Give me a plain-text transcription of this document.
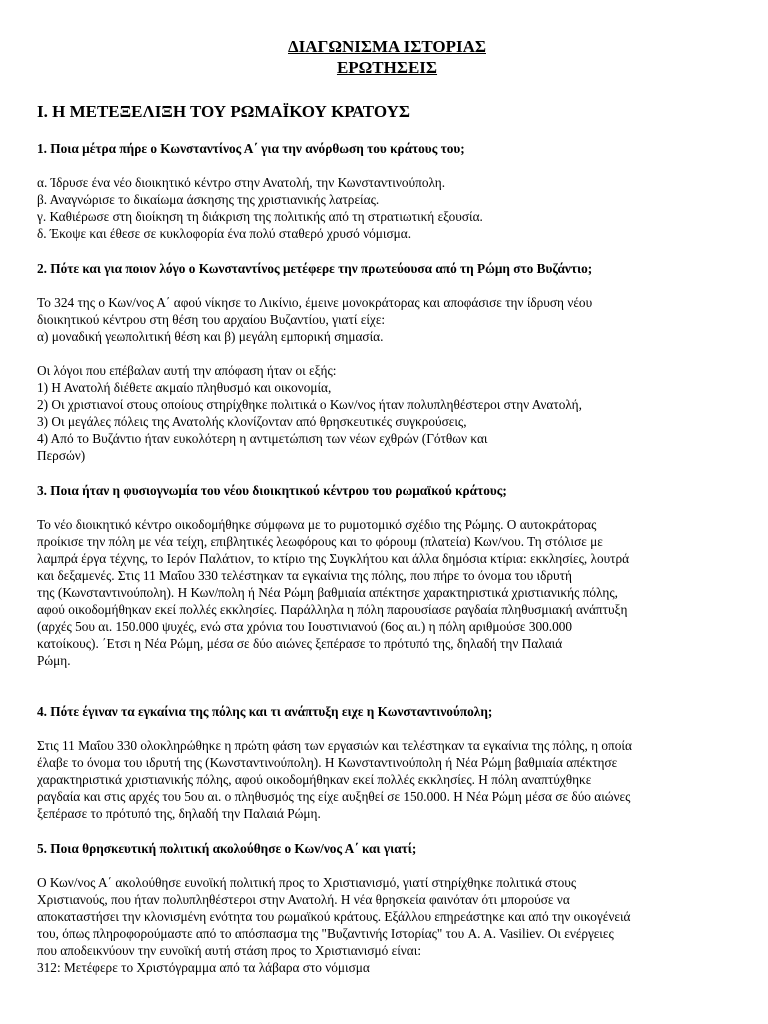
ΔΙΑΓΩΝΙΣΜΑ ΙΣΤΟΡΙΑΣ

ΕΡΩΤΗΣΕΙΣ

Ι. Η ΜΕΤΕΞΕΛΙΞΗ ΤΟΥ ΡΩΜΑΪΚΟΥ ΚΡΑΤΟΥΣ

1. Ποια μέτρα πήρε ο Κωνσταντίνος Α΄ για την ανόρθωση του κράτους του;

α. Ίδρυσε ένα νέο διοικητικό κέντρο στην Ανατολή, την Κωνσταντινούπολη.
β. Αναγνώρισε το δικαίωμα άσκησης της χριστιανικής λατρείας.
γ. Καθιέρωσε στη διοίκηση τη διάκριση της πολιτικής από τη στρατιωτική εξουσία.
δ. Έκοψε και έθεσε σε κυκλοφορία ένα πολύ σταθερό χρυσό νόμισμα.

2. Πότε και για ποιον λόγο ο Κωνσταντίνος μετέφερε την πρωτεύουσα από τη Ρώμη στο Βυζάντιο;

Το 324 της ο Κων/νος Α΄ αφού νίκησε το Λικίνιο, έμεινε μονοκράτορας και αποφάσισε την ίδρυση νέου
διοικητικού κέντρου στη θέση του αρχαίου Βυζαντίου, γιατί είχε:
α) μοναδική γεωπολιτική θέση και β) μεγάλη εμπορική σημασία.
Οι λόγοι που επέβαλαν αυτή την απόφαση ήταν οι εξής:
1) Η Ανατολή διέθετε ακμαίο πληθυσμό και οικονομία,
2) Οι χριστιανοί στους οποίους στηρίχθηκε πολιτικά ο Κων/νος ήταν πολυπληθέστεροι στην Ανατολή,
3) Οι μεγάλες πόλεις της Ανατολής κλονίζονταν από θρησκευτικές συγκρούσεις,
4) Από το Βυζάντιο ήταν ευκολότερη η αντιμετώπιση των νέων εχθρών (Γότθων και
Περσών)

3. Ποια ήταν η φυσιογνωμία του νέου διοικητικού κέντρου του ρωμαϊκού κράτους;

Το νέο διοικητικό κέντρο οικοδομήθηκε σύμφωνα με το ρυμοτομικό σχέδιο της Ρώμης. Ο αυτοκράτορας
προίκισε την πόλη με νέα τείχη, επιβλητικές λεωφόρους και το φόρουμ (πλατεία) Κων/νου. Τη στόλισε με
λαμπρά έργα τέχνης, το Ιερόν Παλάτιον, το κτίριο της Συγκλήτου και άλλα δημόσια κτίρια: εκκλησίες, λουτρά
και δεξαμενές. Στις 11 Μαΐου 330 τελέστηκαν τα εγκαίνια της πόλης, που πήρε το όνομα του ιδρυτή
της (Κωνσταντινούπολη). Η Κων/πολη ή Νέα Ρώμη βαθμιαία απέκτησε χαρακτηριστικά χριστιανικής πόλης,
αφού οικοδομήθηκαν εκεί πολλές εκκλησίες. Παράλληλα η πόλη παρουσίασε ραγδαία πληθυσμιακή ανάπτυξη
(αρχές 5ου αι. 150.000 ψυχές, ενώ στα χρόνια του Ιουστινιανού (6ος αι.) η πόλη αριθμούσε 300.000
κατοίκους). ΄Ετσι η Νέα Ρώμη, μέσα σε δύο αιώνες ξεπέρασε το πρότυπό της, δηλαδή την Παλαιά
Ρώμη.

4. Πότε έγιναν τα εγκαίνια της πόλης και τι ανάπτυξη ειχε η Κωνσταντινούπολη;

Στις 11 Μαΐου 330 ολοκληρώθηκε η πρώτη φάση των εργασιών και τελέστηκαν τα εγκαίνια της πόλης, η οποία
έλαβε το όνομα του ιδρυτή της (Κωνσταντινούπολη). Η Κωνσταντινούπολη ή Νέα Ρώμη βαθμιαία απέκτησε
χαρακτηριστικά χριστιανικής πόλης, αφού οικοδομήθηκαν εκεί πολλές εκκλησίες. Η πόλη αναπτύχθηκε
ραγδαία και στις αρχές του 5ου αι. ο πληθυσμός της είχε αυξηθεί σε 150.000. Η Νέα Ρώμη μέσα σε δύο αιώνες
ξεπέρασε το πρότυπό της, δηλαδή την Παλαιά Ρώμη.

5. Ποια θρησκευτική πολιτική ακολούθησε ο Κων/νος Α΄ και γιατί;

Ο Κων/νος Α΄ ακολούθησε ευνοϊκή πολιτική προς το Χριστιανισμό, γιατί στηρίχθηκε πολιτικά στους
Χριστιανούς, που ήταν πολυπληθέστεροι στην Ανατολή. Η νέα θρησκεία φαινόταν ότι μπορούσε να
αποκαταστήσει την κλονισμένη ενότητα του ρωμαϊκού κράτους. Εξάλλου επηρεάστηκε και από την οικογένειά
του, όπως πληροφορούμαστε από το απόσπασμα της "Βυζαντινής Ιστορίας" του A. A. Vasiliev. Οι ενέργειες
που αποδεικνύουν την ευνοϊκή αυτή στάση προς το Χριστιανισμό είναι:
312: Μετέφερε το Χριστόγραμμα από τα λάβαρα στο νόμισμα
